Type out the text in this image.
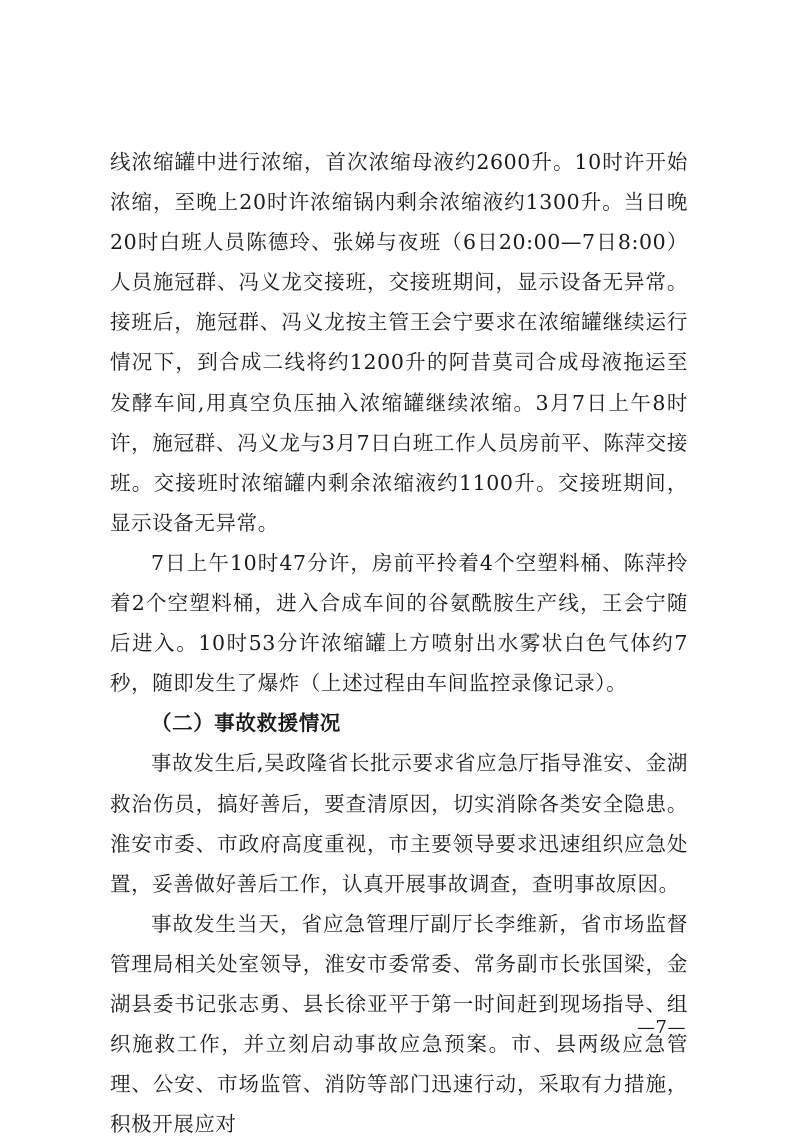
线浓缩罐中进行浓缩，首次浓缩母液约2600升。10时许开始浓缩，至晚上20时许浓缩锅内剩余浓缩液约1300升。当日晚20时白班人员陈德玲、张娣与夜班（6日20:00—7日8:00）人员施冠群、冯义龙交接班，交接班期间，显示设备无异常。接班后，施冠群、冯义龙按主管王会宁要求在浓缩罐继续运行情况下，到合成二线将约1200升的阿昔莫司合成母液拖运至发酵车间,用真空负压抽入浓缩罐继续浓缩。3月7日上午8时许，施冠群、冯义龙与3月7日白班工作人员房前平、陈萍交接班。交接班时浓缩罐内剩余浓缩液约1100升。交接班期间，显示设备无异常。

7日上午10时47分许，房前平拎着4个空塑料桶、陈萍拎着2个空塑料桶，进入合成车间的谷氨酰胺生产线，王会宁随后进入。10时53分许浓缩罐上方喷射出水雾状白色气体约7秒，随即发生了爆炸（上述过程由车间监控录像记录）。

（二）事故救援情况

事故发生后,吴政隆省长批示要求省应急厅指导淮安、金湖救治伤员，搞好善后，要查清原因，切实消除各类安全隐患。淮安市委、市政府高度重视，市主要领导要求迅速组织应急处置，妥善做好善后工作，认真开展事故调查，查明事故原因。

事故发生当天，省应急管理厅副厅长李维新，省市场监督管理局相关处室领导，淮安市委常委、常务副市长张国梁，金湖县委书记张志勇、县长徐亚平于第一时间赶到现场指导、组织施救工作，并立刻启动事故应急预案。市、县两级应急管理、公安、市场监管、消防等部门迅速行动，采取有力措施，积极开展应对

—7—
